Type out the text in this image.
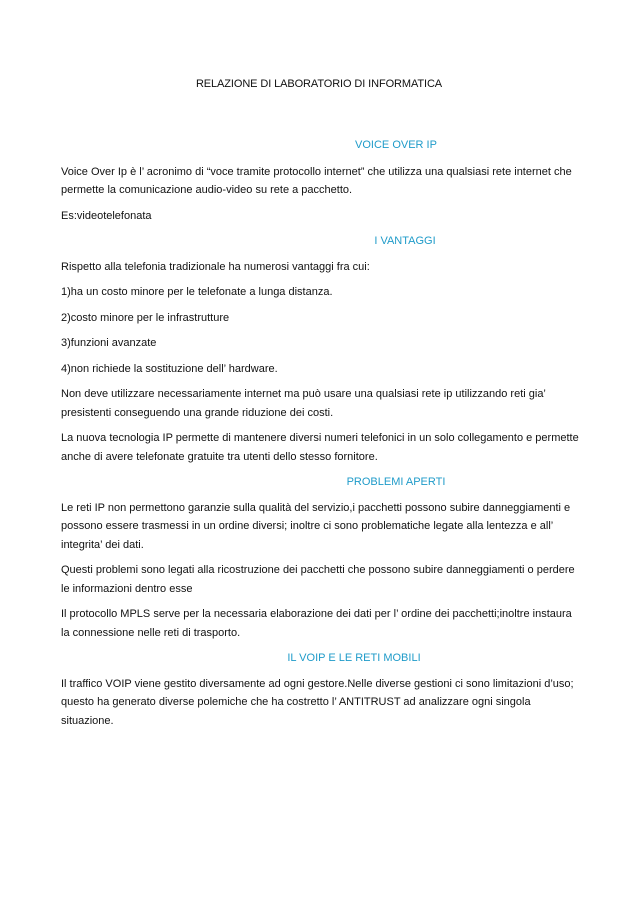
RELAZIONE DI LABORATORIO DI INFORMATICA
VOICE OVER IP

Voice Over Ip è l’ acronimo di “voce tramite protocollo internet” che utilizza una qualsiasi rete internet che permette la comunicazione audio-video su rete a pacchetto.

Es:videotelefonata

I VANTAGGI

Rispetto alla telefonia tradizionale ha numerosi vantaggi fra cui:

1)ha un costo minore per le telefonate a lunga distanza.

2)costo minore per le infrastrutture

3)funzioni avanzate

4)non richiede la sostituzione dell’ hardware.

Non deve utilizzare necessariamente internet ma può usare una qualsiasi rete ip utilizzando reti gia’ presistenti conseguendo una grande riduzione dei costi.

La nuova tecnologia IP permette di mantenere diversi numeri telefonici in un solo collegamento e permette anche di avere telefonate gratuite tra utenti dello stesso fornitore.

PROBLEMI APERTI

Le reti IP non permettono garanzie sulla qualità del servizio,i pacchetti possono subire danneggiamenti e possono essere trasmessi in un ordine diversi; inoltre ci sono problematiche legate alla lentezza e all’ integrita’ dei dati.

Questi problemi sono legati alla ricostruzione dei pacchetti che possono subire danneggiamenti o perdere le informazioni dentro esse

Il protocollo MPLS serve per la necessaria elaborazione dei dati per l’ ordine dei pacchetti;inoltre instaura la connessione nelle reti di trasporto.

IL VOIP E LE RETI MOBILI

Il traffico VOIP viene gestito diversamente ad ogni gestore.Nelle diverse gestioni ci sono limitazioni d’uso; questo ha generato diverse polemiche che ha costretto l’ ANTITRUST ad analizzare ogni singola situazione.
